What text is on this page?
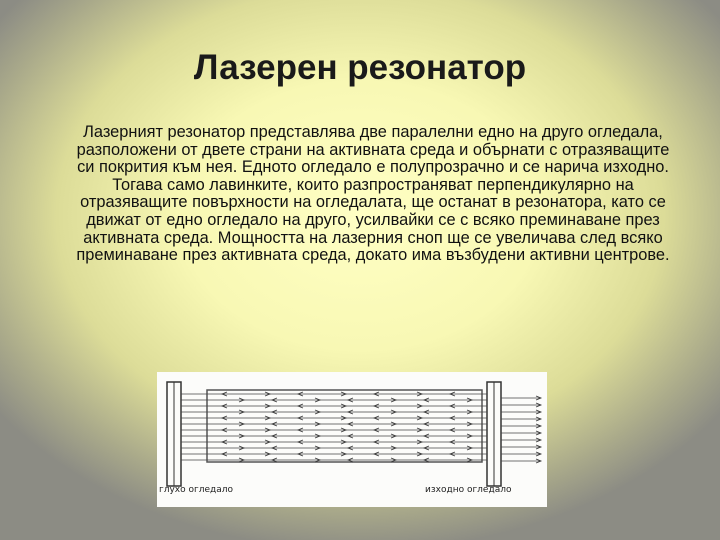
Лазерен резонатор
Лазерният резонатор представлява две паралелни едно на друго огледала, разположени от двете страни на активната среда и обърнати с отразяващите си покрития към нея. Едното огледало е полупрозрачно и се нарича изходно. Тогава само лавинките, които разпространяват перпендикулярно на отразяващите повърхности на огледалата, ще останат в резонатора, като се движат от едно огледало на друго, усилвайки се с всяко преминаване през активната среда. Мощността на лазерния сноп ще се увеличава след всяко преминаване през активната среда, докато има възбудени активни центрове.
глухо огледало	изходно огледало
